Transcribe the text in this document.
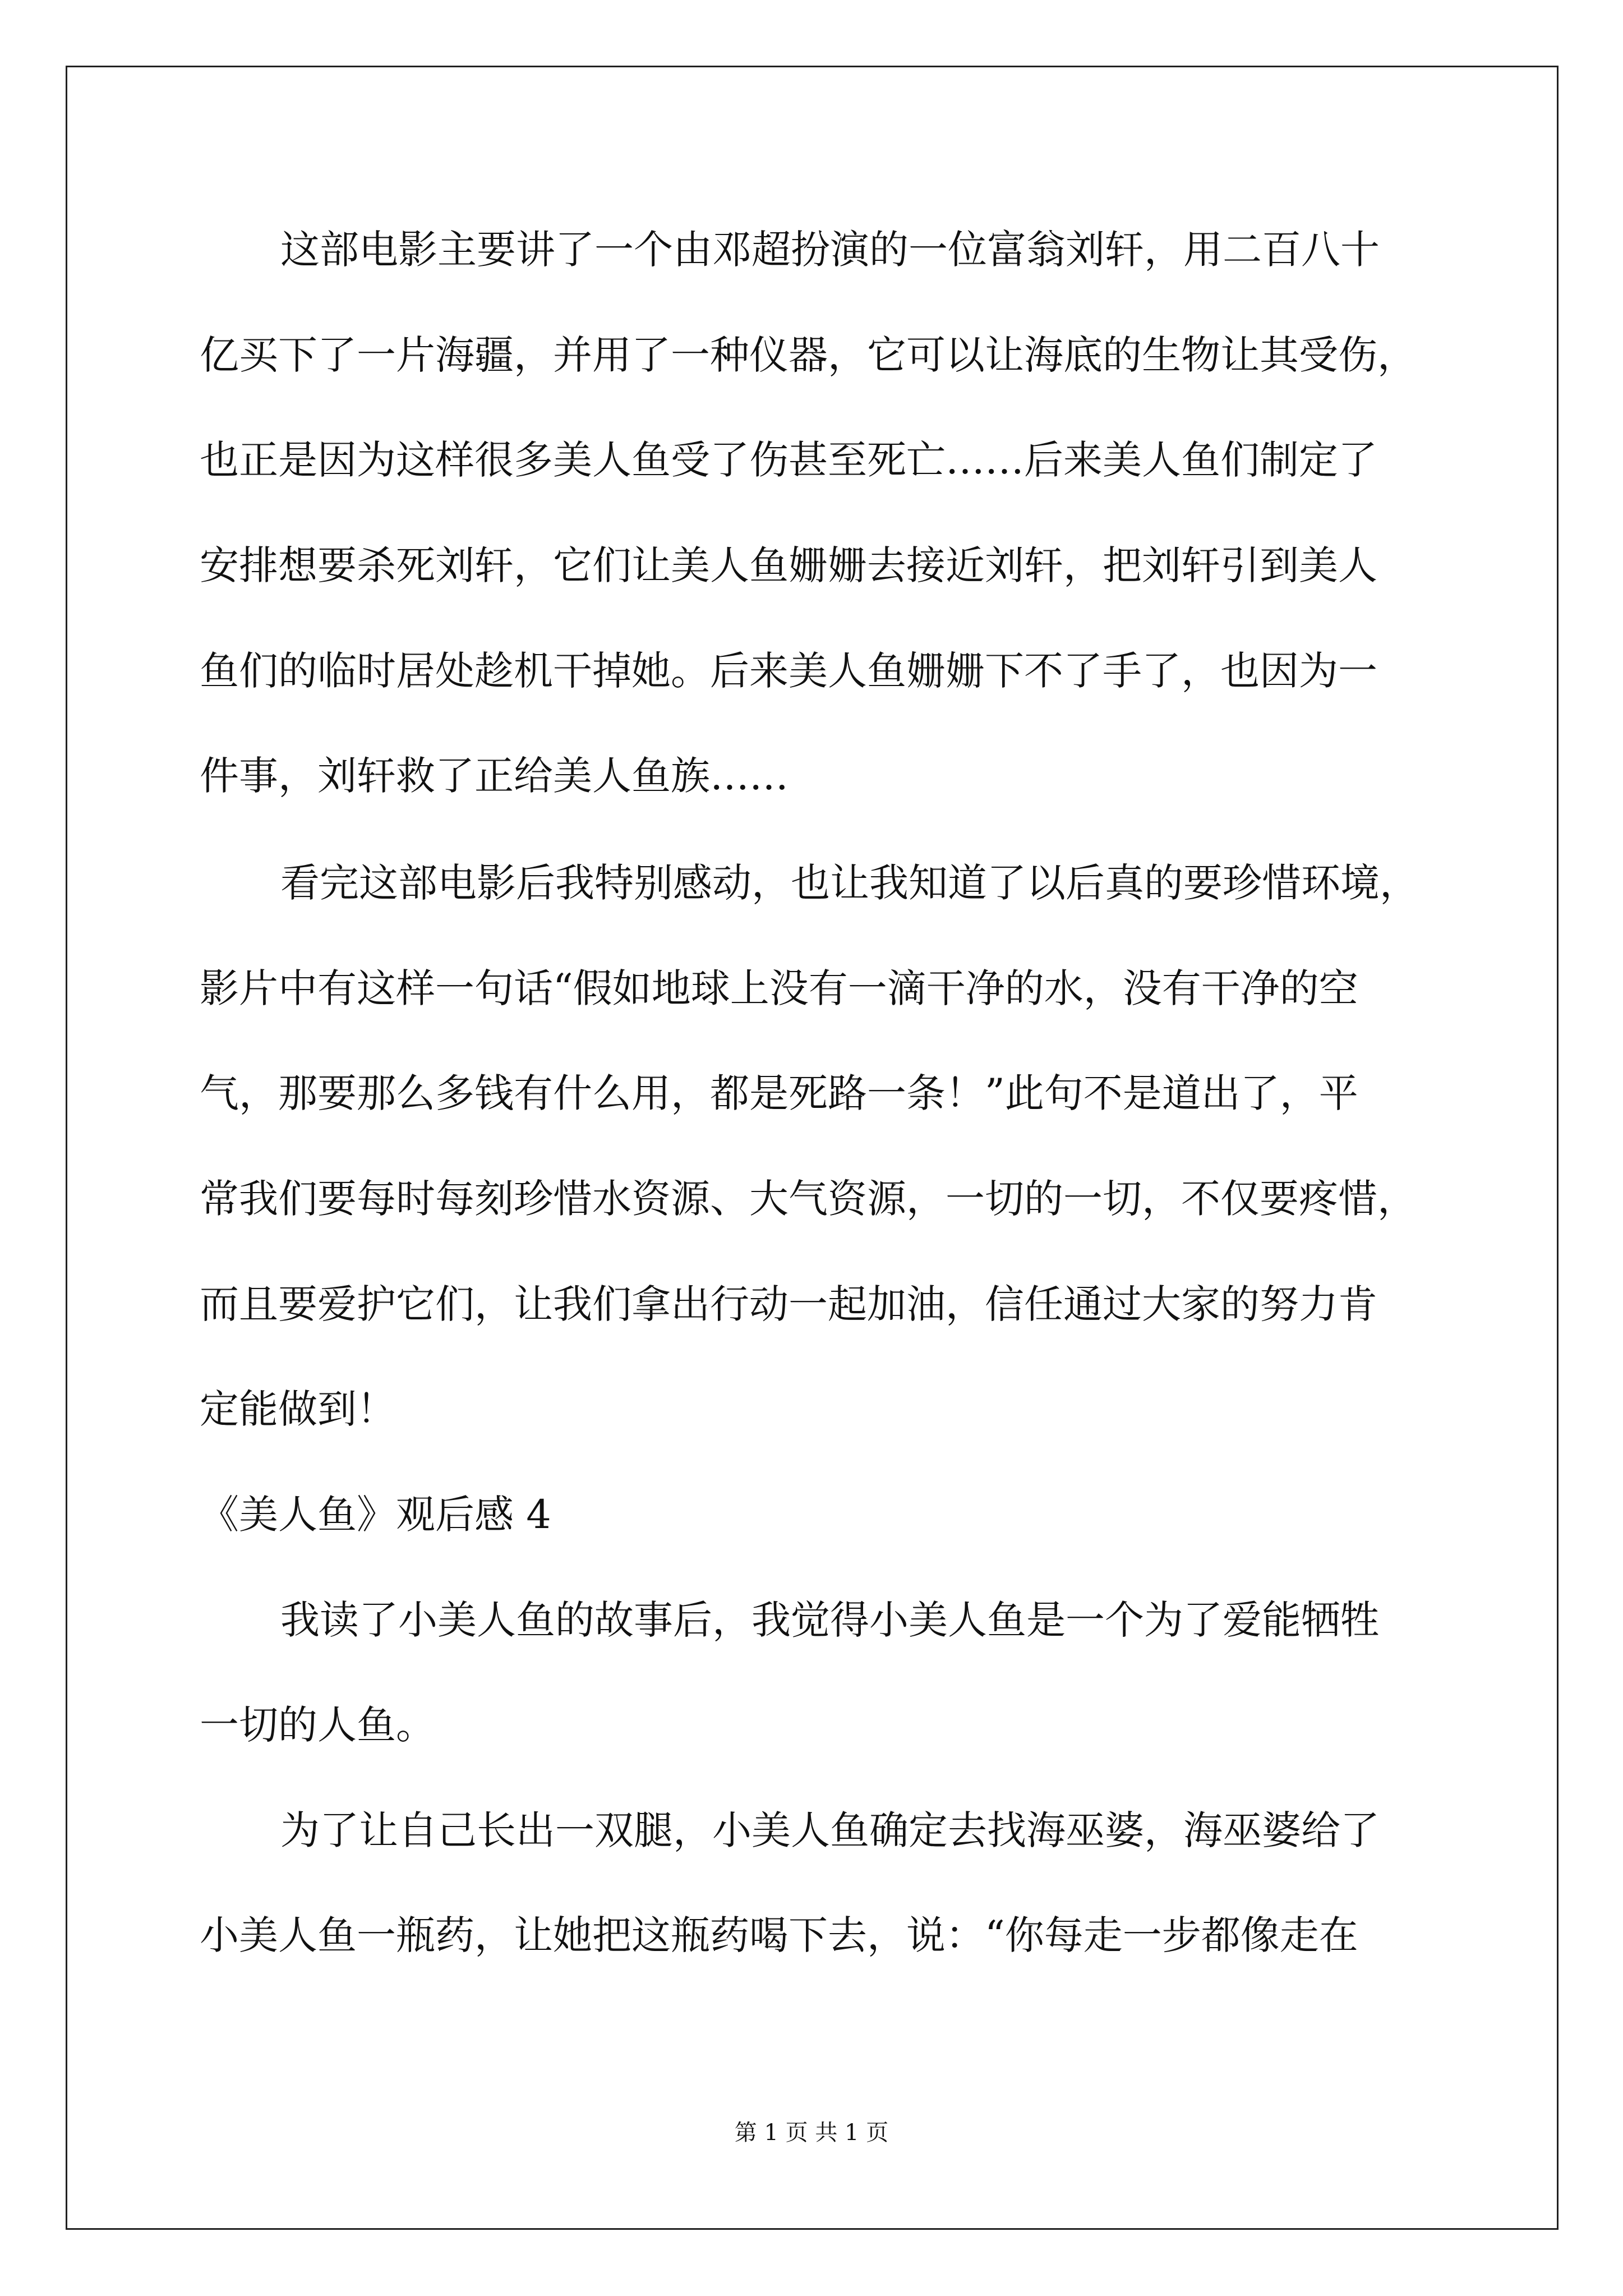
这部电影主要讲了一个由邓超扮演的一位富翁刘轩，用二百八十
亿买下了一片海疆，并用了一种仪器，它可以让海底的生物让其受伤，
也正是因为这样很多美人鱼受了伤甚至死亡……后来美人鱼们制定了
安排想要杀死刘轩，它们让美人鱼姗姗去接近刘轩，把刘轩引到美人
鱼们的临时居处趁机干掉她。后来美人鱼姗姗下不了手了，也因为一
件事，刘轩救了正给美人鱼族……
看完这部电影后我特别感动，也让我知道了以后真的要珍惜环境，
影片中有这样一句话“假如地球上没有一滴干净的水，没有干净的空
气，那要那么多钱有什么用，都是死路一条！”此句不是道出了，平
常我们要每时每刻珍惜水资源、大气资源，一切的一切，不仅要疼惜，
而且要爱护它们，让我们拿出行动一起加油，信任通过大家的努力肯
定能做到！
《美人鱼》观后感 4
我读了小美人鱼的故事后，我觉得小美人鱼是一个为了爱能牺牲
一切的人鱼。
为了让自己长出一双腿，小美人鱼确定去找海巫婆，海巫婆给了
小美人鱼一瓶药，让她把这瓶药喝下去，说：“你每走一步都像走在
第 1 页 共 1 页
